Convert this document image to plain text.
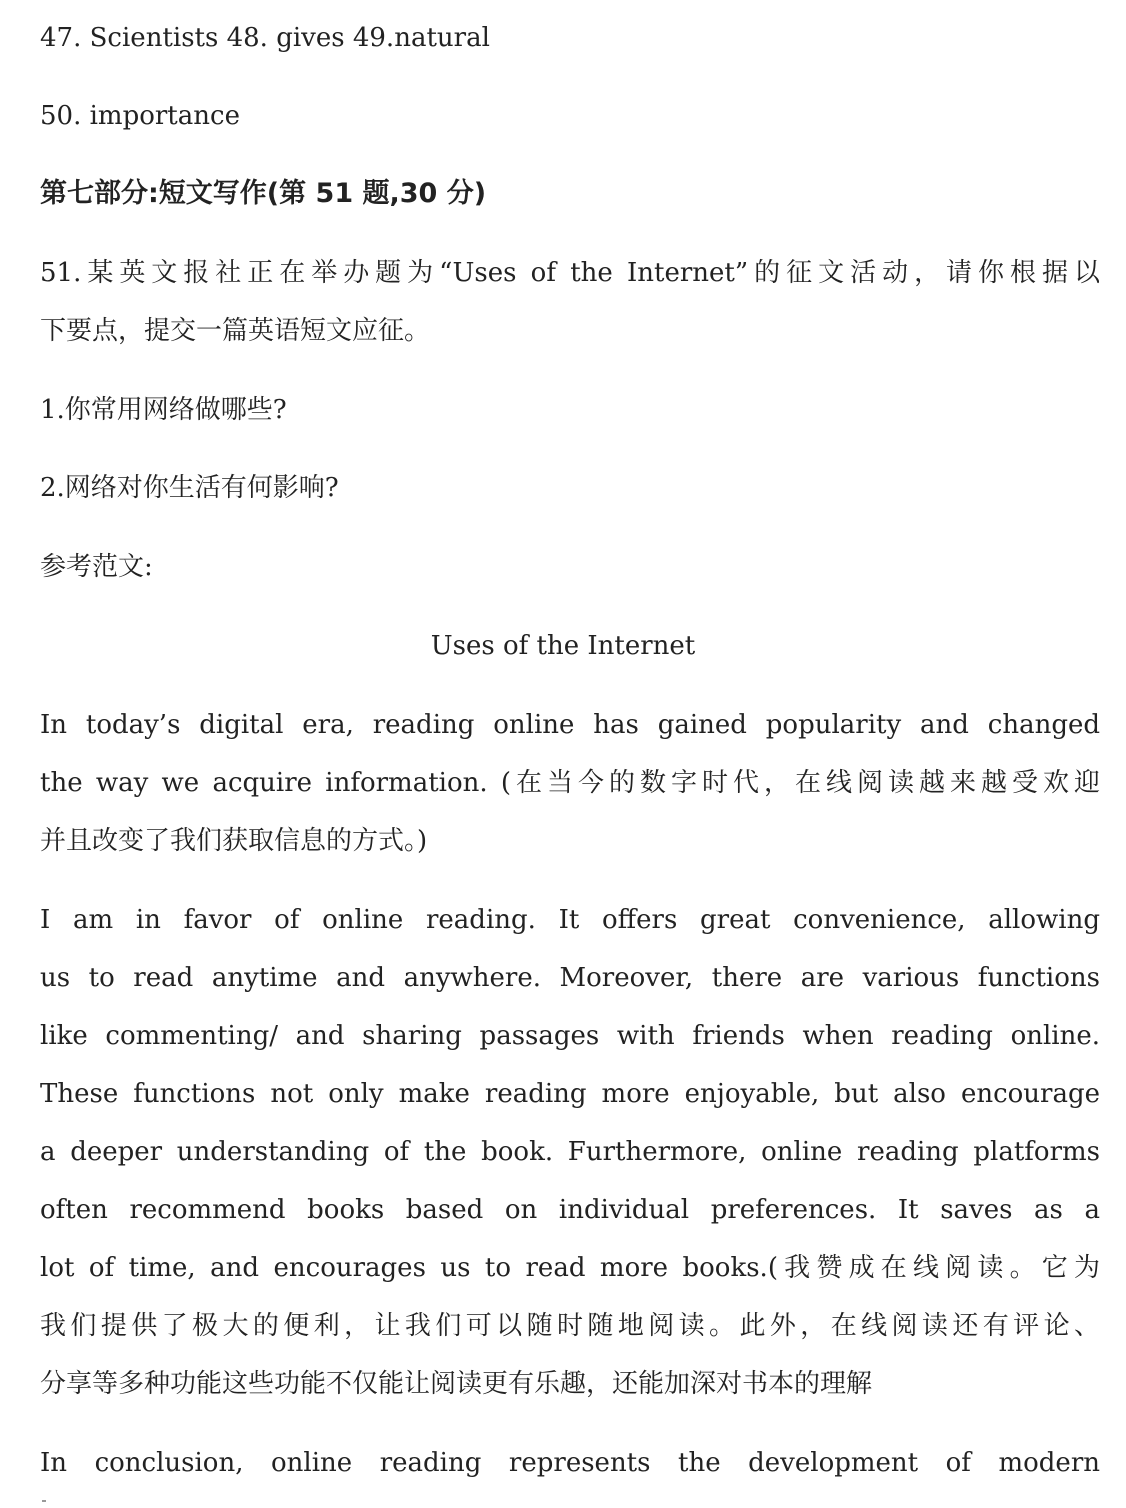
47. Scientists 48. gives 49.natural
50. importance
第七部分:短文写作(第 51 题,30 分)
51.某英文报社正在举办题为“Uses of the Internet”的征文活动，请你根据以
下要点，提交一篇英语短文应征。
1.你常用网络做哪些?
2.网络对你生活有何影响?
参考范文:
Uses of the Internet
In today’s digital era, reading online has gained popularity and changed
the way we acquire information. (在当今的数字时代，在线阅读越来越受欢迎
并且改变了我们获取信息的方式。)
I am in favor of online reading. It offers great convenience, allowing
us to read anytime and anywhere. Moreover, there are various functions
like commenting/ and sharing passages with friends when reading online.
These functions not only make reading more enjoyable, but also encourage
a deeper understanding of the book. Furthermore, online reading platforms
often recommend books based on individual preferences. It saves as a
lot of time, and encourages us to read more books.(我赞成在线阅读。它为
我们提供了极大的便利，让我们可以随时随地阅读。此外，在线阅读还有评论、
分享等多种功能这些功能不仅能让阅读更有乐趣，还能加深对书本的理解
In conclusion, online reading represents the development of modern
